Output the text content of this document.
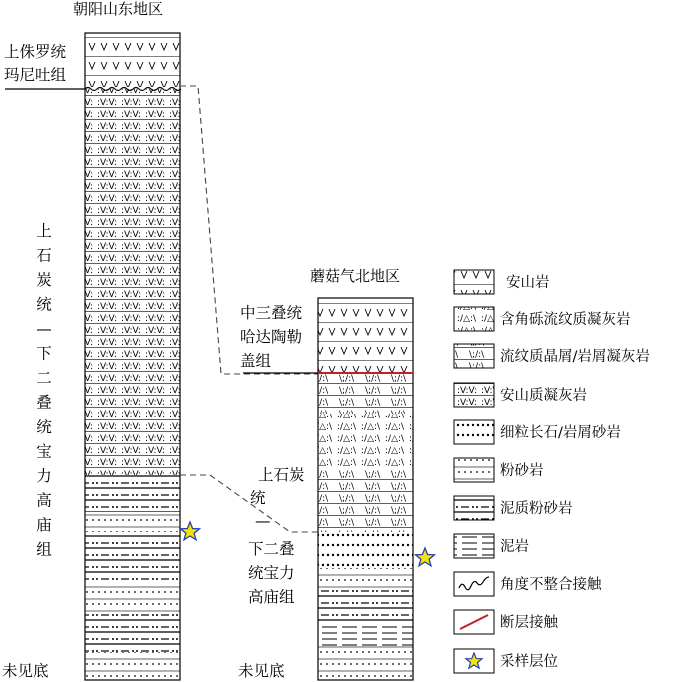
朝阳山东地区
上侏罗统
玛尼吐组
上
石
炭
统
—
下
二
叠
统
宝
力
高
庙
组
未见底
蘑菇气北地区
中三叠统
哈达陶勒
盖组
上石炭
统
—
下二叠
统宝力
高庙组
未见底
安山岩
含角砾流纹质凝灰岩
流纹质晶屑/岩屑凝灰岩
安山质凝灰岩
细粒长石/岩屑砂岩
粉砂岩
泥质粉砂岩
泥岩
角度不整合接触
断层接触
采样层位
